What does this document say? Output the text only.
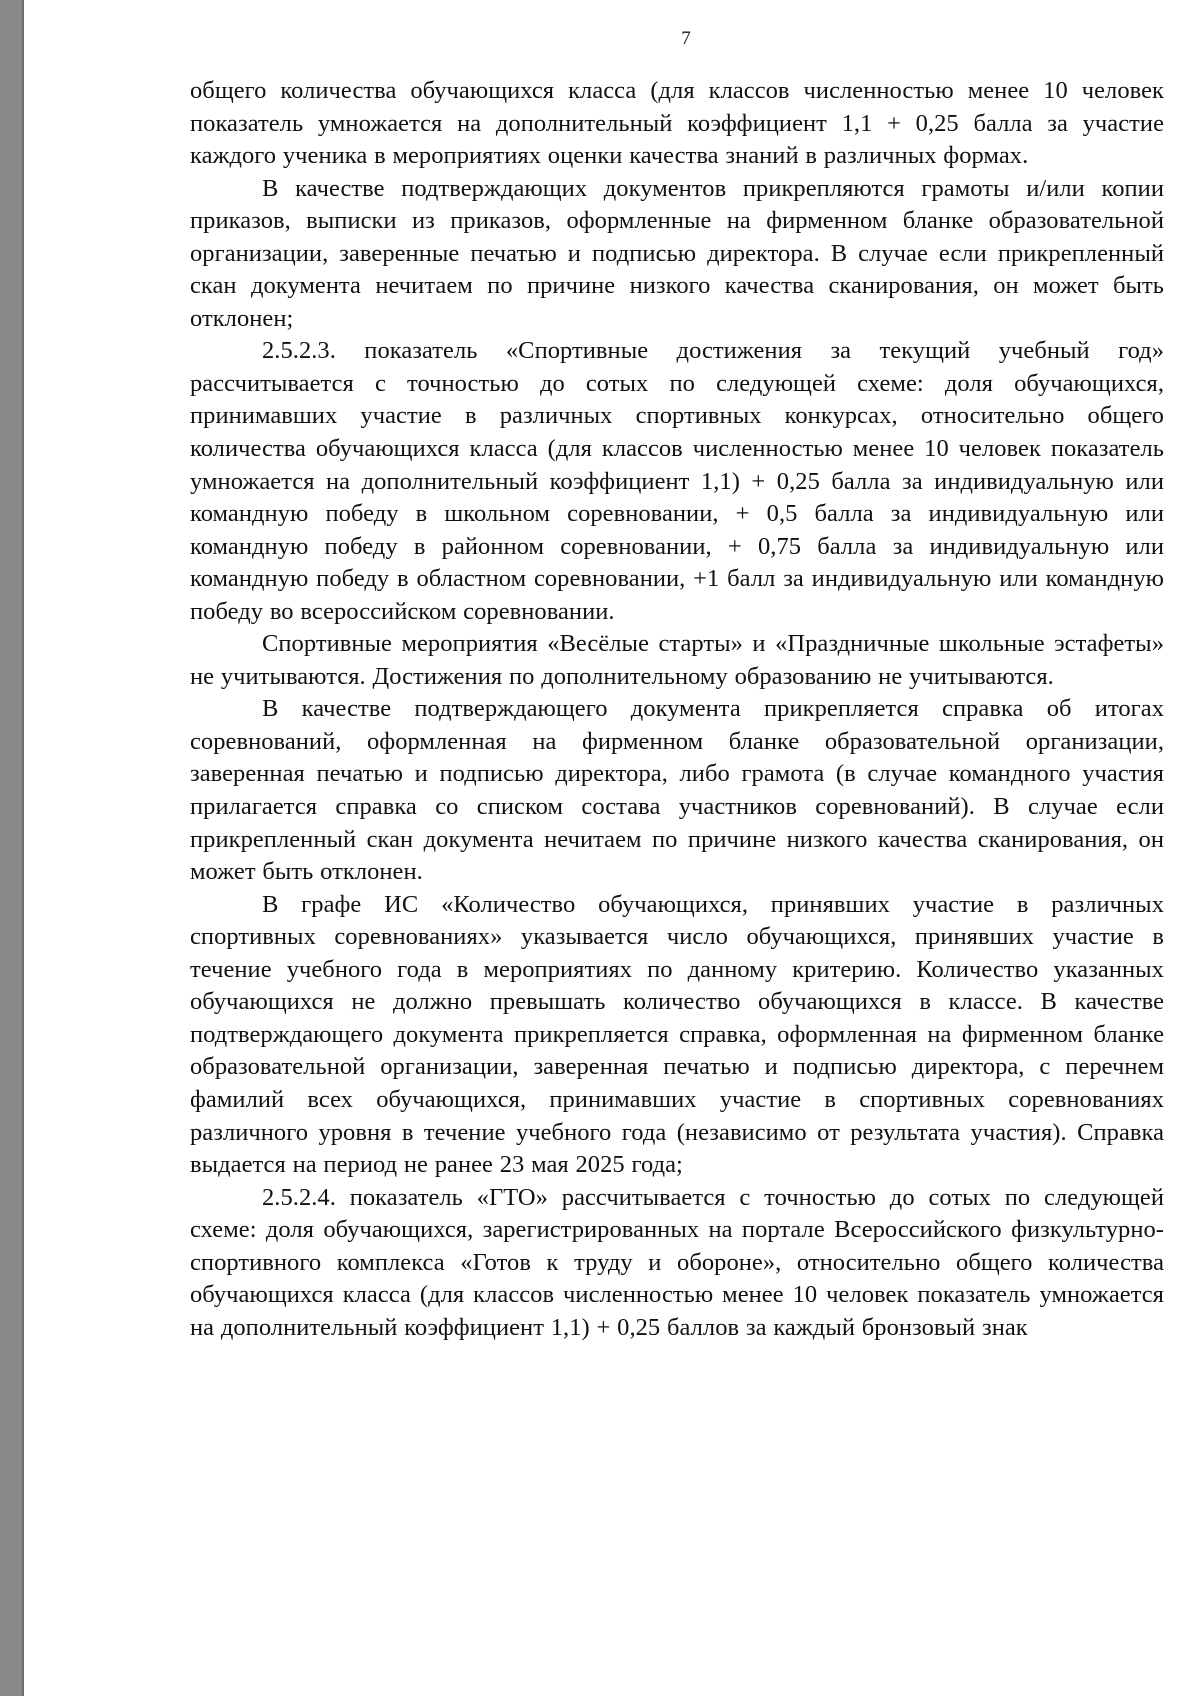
7

общего количества обучающихся класса (для классов численностью менее 10 человек показатель умножается на дополнительный коэффициент 1,1 + 0,25 балла за участие каждого ученика в мероприятиях оценки качества знаний в различных формах.

В качестве подтверждающих документов прикрепляются грамоты и/или копии приказов, выписки из приказов, оформленные на фирменном бланке образовательной организации, заверенные печатью и подписью директора. В случае если прикрепленный скан документа нечитаем по причине низкого качества сканирования, он может быть отклонен;

2.5.2.3. показатель «Спортивные достижения за текущий учебный год» рассчитывается с точностью до сотых по следующей схеме: доля обучающихся, принимавших участие в различных спортивных конкурсах, относительно общего количества обучающихся класса (для классов численностью менее 10 человек показатель умножается на дополнительный коэффициент 1,1) + 0,25 балла за индивидуальную или командную победу в школьном соревновании, + 0,5 балла за индивидуальную или командную победу в районном соревновании, + 0,75 балла за индивидуальную или командную победу в областном соревновании, +1 балл за индивидуальную или командную победу во всероссийском соревновании.

Спортивные мероприятия «Весёлые старты» и «Праздничные школьные эстафеты» не учитываются. Достижения по дополнительному образованию не учитываются.

В качестве подтверждающего документа прикрепляется справка об итогах соревнований, оформленная на фирменном бланке образовательной организации, заверенная печатью и подписью директора, либо грамота (в случае командного участия прилагается справка со списком состава участников соревнований). В случае если прикрепленный скан документа нечитаем по причине низкого качества сканирования, он может быть отклонен.

В графе ИС «Количество обучающихся, принявших участие в различных спортивных соревнованиях» указывается число обучающихся, принявших участие в течение учебного года в мероприятиях по данному критерию. Количество указанных обучающихся не должно превышать количество обучающихся в классе. В качестве подтверждающего документа прикрепляется справка, оформленная на фирменном бланке образовательной организации, заверенная печатью и подписью директора, с перечнем фамилий всех обучающихся, принимавших участие в спортивных соревнованиях различного уровня в течение учебного года (независимо от результата участия). Справка выдается на период не ранее 23 мая 2025 года;

2.5.2.4. показатель «ГТО» рассчитывается с точностью до сотых по следующей схеме: доля обучающихся, зарегистрированных на портале Всероссийского физкультурно-спортивного комплекса «Готов к труду и обороне», относительно общего количества обучающихся класса (для классов численностью менее 10 человек показатель умножается на дополнительный коэффициент 1,1) + 0,25 баллов за каждый бронзовый знак
